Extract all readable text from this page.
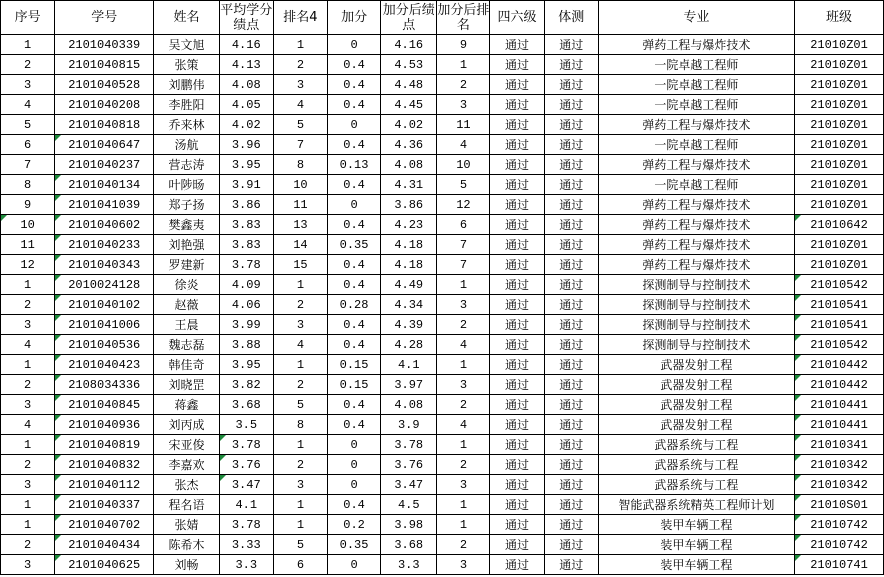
序号	学号	姓名	平均学分绩点	排名4	加分	加分后绩点	加分后排名	四六级	体测	专业	班级
1	2101040339	吴文旭	4.16	1	0	4.16	9	通过	通过	弹药工程与爆炸技术	21010Z01
2	2101040815	张策	4.13	2	0.4	4.53	1	通过	通过	一院卓越工程师	21010Z01
3	2101040528	刘鹏伟	4.08	3	0.4	4.48	2	通过	通过	一院卓越工程师	21010Z01
4	2101040208	李胜阳	4.05	4	0.4	4.45	3	通过	通过	一院卓越工程师	21010Z01
5	2101040818	乔来林	4.02	5	0	4.02	11	通过	通过	弹药工程与爆炸技术	21010Z01
6	2101040647	汤航	3.96	7	0.4	4.36	4	通过	通过	一院卓越工程师	21010Z01
7	2101040237	营志涛	3.95	8	0.13	4.08	10	通过	通过	弹药工程与爆炸技术	21010Z01
8	2101040134	叶陟旸	3.91	10	0.4	4.31	5	通过	通过	一院卓越工程师	21010Z01
9	2101041039	郑子扬	3.86	11	0	3.86	12	通过	通过	弹药工程与爆炸技术	21010Z01
10	2101040602	樊鑫夷	3.83	13	0.4	4.23	6	通过	通过	弹药工程与爆炸技术	21010642
11	2101040233	刘艳强	3.83	14	0.35	4.18	7	通过	通过	弹药工程与爆炸技术	21010Z01
12	2101040343	罗建新	3.78	15	0.4	4.18	7	通过	通过	弹药工程与爆炸技术	21010Z01
1	2010024128	徐炎	4.09	1	0.4	4.49	1	通过	通过	探测制导与控制技术	21010542
2	2101040102	赵薇	4.06	2	0.28	4.34	3	通过	通过	探测制导与控制技术	21010541
3	2101041006	王晨	3.99	3	0.4	4.39	2	通过	通过	探测制导与控制技术	21010541
4	2101040536	魏志磊	3.88	4	0.4	4.28	4	通过	通过	探测制导与控制技术	21010542
1	2101040423	韩佳奇	3.95	1	0.15	4.1	1	通过	通过	武器发射工程	21010442
2	2108034336	刘晓罡	3.82	2	0.15	3.97	3	通过	通过	武器发射工程	21010442
3	2101040845	蒋鑫	3.68	5	0.4	4.08	2	通过	通过	武器发射工程	21010441
4	2101040936	刘丙成	3.5	8	0.4	3.9	4	通过	通过	武器发射工程	21010441
1	2101040819	宋亚俊	3.78	1	0	3.78	1	通过	通过	武器系统与工程	21010341
2	2101040832	李嘉欢	3.76	2	0	3.76	2	通过	通过	武器系统与工程	21010342
3	2101040112	张杰	3.47	3	0	3.47	3	通过	通过	武器系统与工程	21010342
1	2101040337	程名语	4.1	1	0.4	4.5	1	通过	通过	智能武器系统精英工程师计划	21010S01
1	2101040702	张婧	3.78	1	0.2	3.98	1	通过	通过	装甲车辆工程	21010742
2	2101040434	陈希木	3.33	5	0.35	3.68	2	通过	通过	装甲车辆工程	21010742
3	2101040625	刘畅	3.3	6	0	3.3	3	通过	通过	装甲车辆工程	21010741
